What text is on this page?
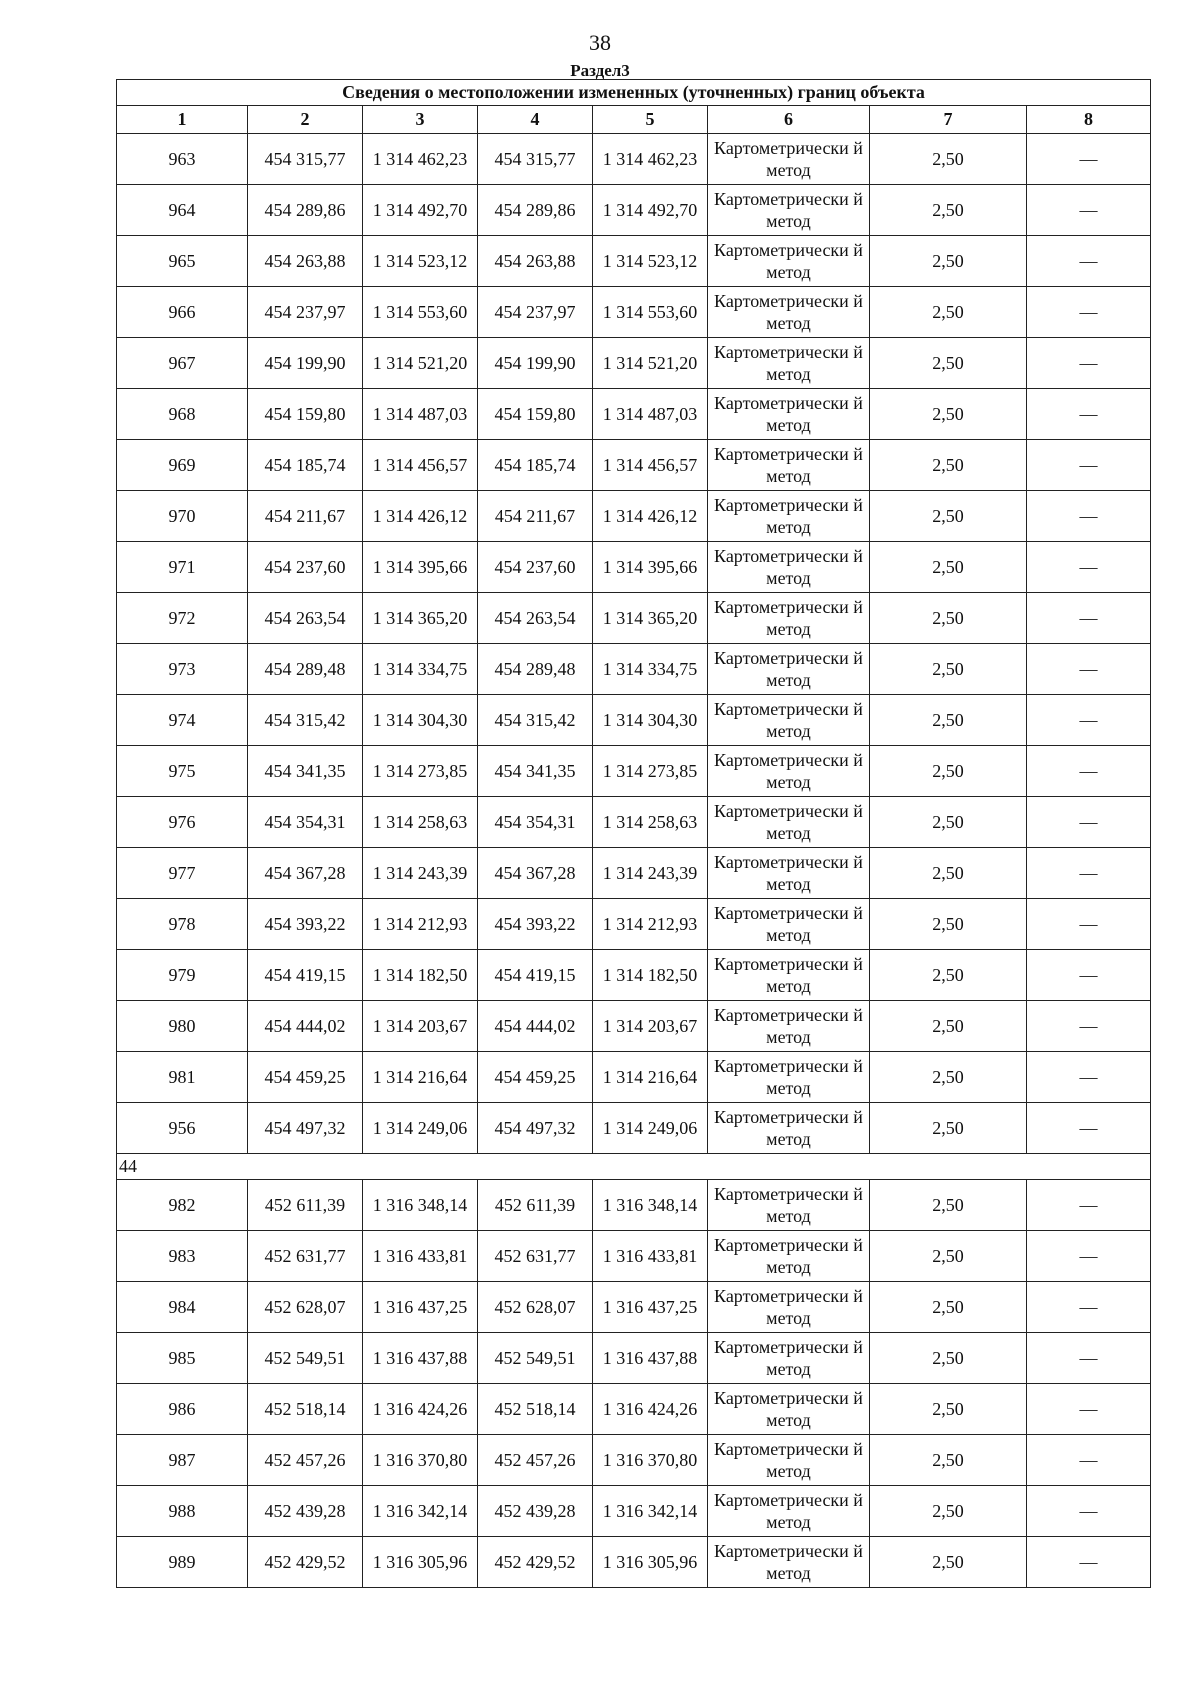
38
Раздел3
Сведения о местоположении измененных (уточненных) границ объекта							
1	2	3	4	5	6	7	8
963	454 315,77	1 314 462,23	454 315,77	1 314 462,23	Картометрически й метод	2,50	—
964	454 289,86	1 314 492,70	454 289,86	1 314 492,70	Картометрически й метод	2,50	—
965	454 263,88	1 314 523,12	454 263,88	1 314 523,12	Картометрически й метод	2,50	—
966	454 237,97	1 314 553,60	454 237,97	1 314 553,60	Картометрически й метод	2,50	—
967	454 199,90	1 314 521,20	454 199,90	1 314 521,20	Картометрически й метод	2,50	—
968	454 159,80	1 314 487,03	454 159,80	1 314 487,03	Картометрически й метод	2,50	—
969	454 185,74	1 314 456,57	454 185,74	1 314 456,57	Картометрически й метод	2,50	—
970	454 211,67	1 314 426,12	454 211,67	1 314 426,12	Картометрически й метод	2,50	—
971	454 237,60	1 314 395,66	454 237,60	1 314 395,66	Картометрически й метод	2,50	—
972	454 263,54	1 314 365,20	454 263,54	1 314 365,20	Картометрически й метод	2,50	—
973	454 289,48	1 314 334,75	454 289,48	1 314 334,75	Картометрически й метод	2,50	—
974	454 315,42	1 314 304,30	454 315,42	1 314 304,30	Картометрически й метод	2,50	—
975	454 341,35	1 314 273,85	454 341,35	1 314 273,85	Картометрически й метод	2,50	—
976	454 354,31	1 314 258,63	454 354,31	1 314 258,63	Картометрически й метод	2,50	—
977	454 367,28	1 314 243,39	454 367,28	1 314 243,39	Картометрически й метод	2,50	—
978	454 393,22	1 314 212,93	454 393,22	1 314 212,93	Картометрически й метод	2,50	—
979	454 419,15	1 314 182,50	454 419,15	1 314 182,50	Картометрически й метод	2,50	—
980	454 444,02	1 314 203,67	454 444,02	1 314 203,67	Картометрически й метод	2,50	—
981	454 459,25	1 314 216,64	454 459,25	1 314 216,64	Картометрически й метод	2,50	—
956	454 497,32	1 314 249,06	454 497,32	1 314 249,06	Картометрически й метод	2,50	—
44							
982	452 611,39	1 316 348,14	452 611,39	1 316 348,14	Картометрически й метод	2,50	—
983	452 631,77	1 316 433,81	452 631,77	1 316 433,81	Картометрически й метод	2,50	—
984	452 628,07	1 316 437,25	452 628,07	1 316 437,25	Картометрически й метод	2,50	—
985	452 549,51	1 316 437,88	452 549,51	1 316 437,88	Картометрически й метод	2,50	—
986	452 518,14	1 316 424,26	452 518,14	1 316 424,26	Картометрически й метод	2,50	—
987	452 457,26	1 316 370,80	452 457,26	1 316 370,80	Картометрически й метод	2,50	—
988	452 439,28	1 316 342,14	452 439,28	1 316 342,14	Картометрически й метод	2,50	—
989	452 429,52	1 316 305,96	452 429,52	1 316 305,96	Картометрически й метод	2,50	—
